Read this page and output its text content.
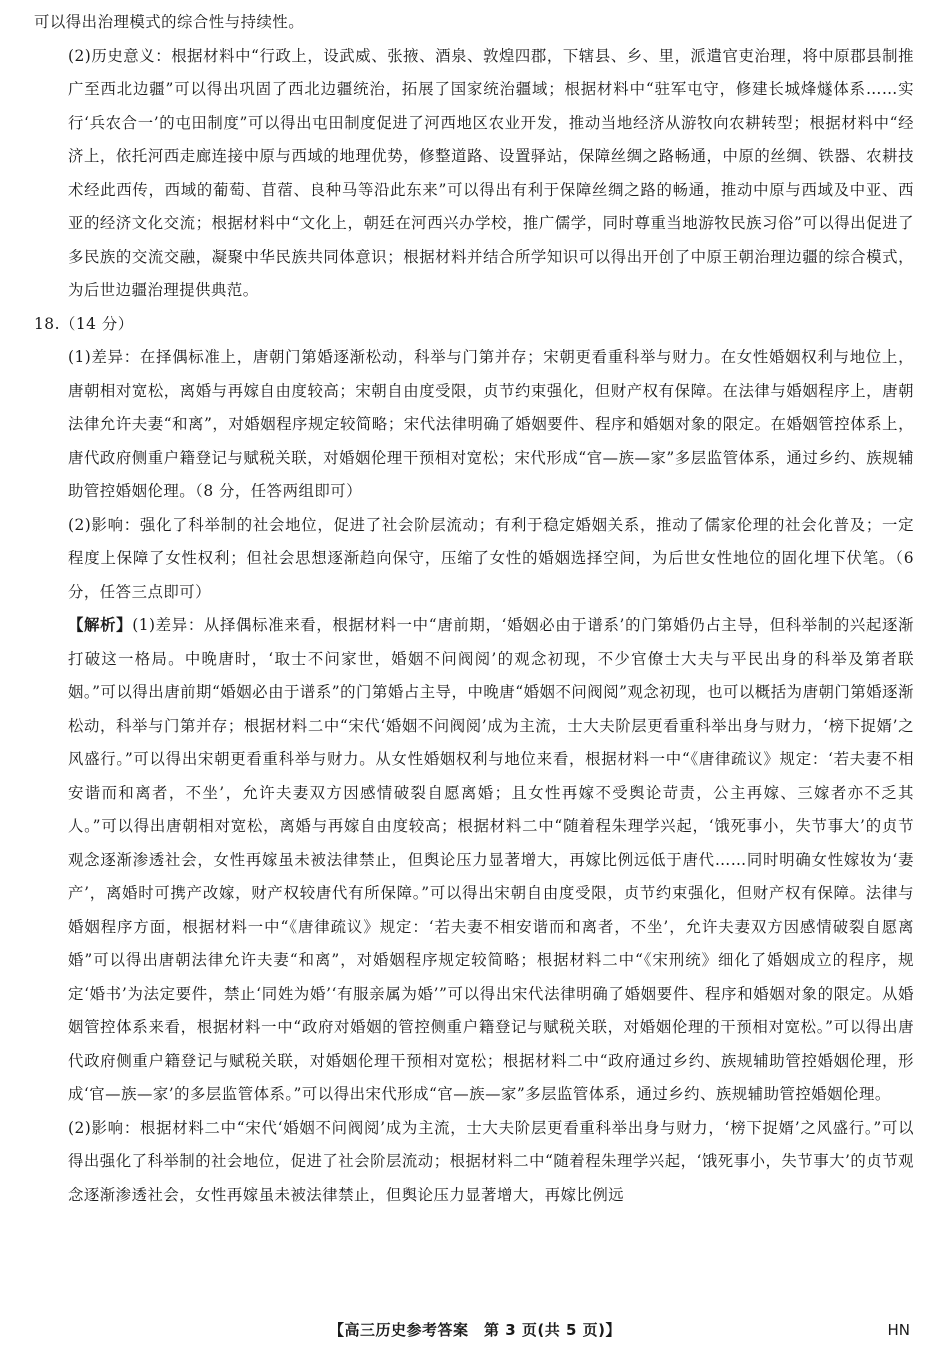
可以得出治理模式的综合性与持续性。

(2)历史意义：根据材料中“行政上，设武威、张掖、酒泉、敦煌四郡，下辖县、乡、里，派遣官吏治理，将中原郡县制推广至西北边疆”可以得出巩固了西北边疆统治，拓展了国家统治疆域；根据材料中“驻军屯守，修建长城烽燧体系……实行‘兵农合一’的屯田制度”可以得出屯田制度促进了河西地区农业开发，推动当地经济从游牧向农耕转型；根据材料中“经济上，依托河西走廊连接中原与西域的地理优势，修整道路、设置驿站，保障丝绸之路畅通，中原的丝绸、铁器、农耕技术经此西传，西域的葡萄、苜蓿、良种马等沿此东来”可以得出有利于保障丝绸之路的畅通，推动中原与西域及中亚、西亚的经济文化交流；根据材料中“文化上，朝廷在河西兴办学校，推广儒学，同时尊重当地游牧民族习俗”可以得出促进了多民族的交流交融，凝聚中华民族共同体意识；根据材料并结合所学知识可以得出开创了中原王朝治理边疆的综合模式，为后世边疆治理提供典范。

18.（14 分）

(1)差异：在择偶标准上，唐朝门第婚逐渐松动，科举与门第并存；宋朝更看重科举与财力。在女性婚姻权利与地位上，唐朝相对宽松，离婚与再嫁自由度较高；宋朝自由度受限，贞节约束强化，但财产权有保障。在法律与婚姻程序上，唐朝法律允许夫妻“和离”，对婚姻程序规定较简略；宋代法律明确了婚姻要件、程序和婚姻对象的限定。在婚姻管控体系上，唐代政府侧重户籍登记与赋税关联，对婚姻伦理干预相对宽松；宋代形成“官—族—家”多层监管体系，通过乡约、族规辅助管控婚姻伦理。（8 分，任答两组即可）

(2)影响：强化了科举制的社会地位，促进了社会阶层流动；有利于稳定婚姻关系，推动了儒家伦理的社会化普及；一定程度上保障了女性权利；但社会思想逐渐趋向保守，压缩了女性的婚姻选择空间，为后世女性地位的固化埋下伏笔。（6 分，任答三点即可）

【解析】(1)差异：从择偶标准来看，根据材料一中“唐前期，‘婚姻必由于谱系’的门第婚仍占主导，但科举制的兴起逐渐打破这一格局。中晚唐时，‘取士不问家世，婚姻不问阀阅’的观念初现，不少官僚士大夫与平民出身的科举及第者联姻。”可以得出唐前期“婚姻必由于谱系”的门第婚占主导，中晚唐“婚姻不问阀阅”观念初现，也可以概括为唐朝门第婚逐渐松动，科举与门第并存；根据材料二中“宋代‘婚姻不问阀阅’成为主流，士大夫阶层更看重科举出身与财力，‘榜下捉婿’之风盛行。”可以得出宋朝更看重科举与财力。从女性婚姻权利与地位来看，根据材料一中“《唐律疏议》规定：‘若夫妻不相安谐而和离者，不坐’，允许夫妻双方因感情破裂自愿离婚；且女性再嫁不受舆论苛责，公主再嫁、三嫁者亦不乏其人。”可以得出唐朝相对宽松，离婚与再嫁自由度较高；根据材料二中“随着程朱理学兴起，‘饿死事小，失节事大’的贞节观念逐渐渗透社会，女性再嫁虽未被法律禁止，但舆论压力显著增大，再嫁比例远低于唐代……同时明确女性嫁妆为‘妻产’，离婚时可携产改嫁，财产权较唐代有所保障。”可以得出宋朝自由度受限，贞节约束强化，但财产权有保障。法律与婚姻程序方面，根据材料一中“《唐律疏议》规定：‘若夫妻不相安谐而和离者，不坐’，允许夫妻双方因感情破裂自愿离婚”可以得出唐朝法律允许夫妻“和离”，对婚姻程序规定较简略；根据材料二中“《宋刑统》细化了婚姻成立的程序，规定‘婚书’为法定要件，禁止‘同姓为婚’‘有服亲属为婚’”可以得出宋代法律明确了婚姻要件、程序和婚姻对象的限定。从婚姻管控体系来看，根据材料一中“政府对婚姻的管控侧重户籍登记与赋税关联，对婚姻伦理的干预相对宽松。”可以得出唐代政府侧重户籍登记与赋税关联，对婚姻伦理干预相对宽松；根据材料二中“政府通过乡约、族规辅助管控婚姻伦理，形成‘官—族—家’的多层监管体系。”可以得出宋代形成“官—族—家”多层监管体系，通过乡约、族规辅助管控婚姻伦理。

(2)影响：根据材料二中“宋代‘婚姻不问阀阅’成为主流，士大夫阶层更看重科举出身与财力，‘榜下捉婿’之风盛行。”可以得出强化了科举制的社会地位，促进了社会阶层流动；根据材料二中“随着程朱理学兴起，‘饿死事小，失节事大’的贞节观念逐渐渗透社会，女性再嫁虽未被法律禁止，但舆论压力显著增大，再嫁比例远

【高三历史参考答案　第 3 页(共 5 页)】	HN
